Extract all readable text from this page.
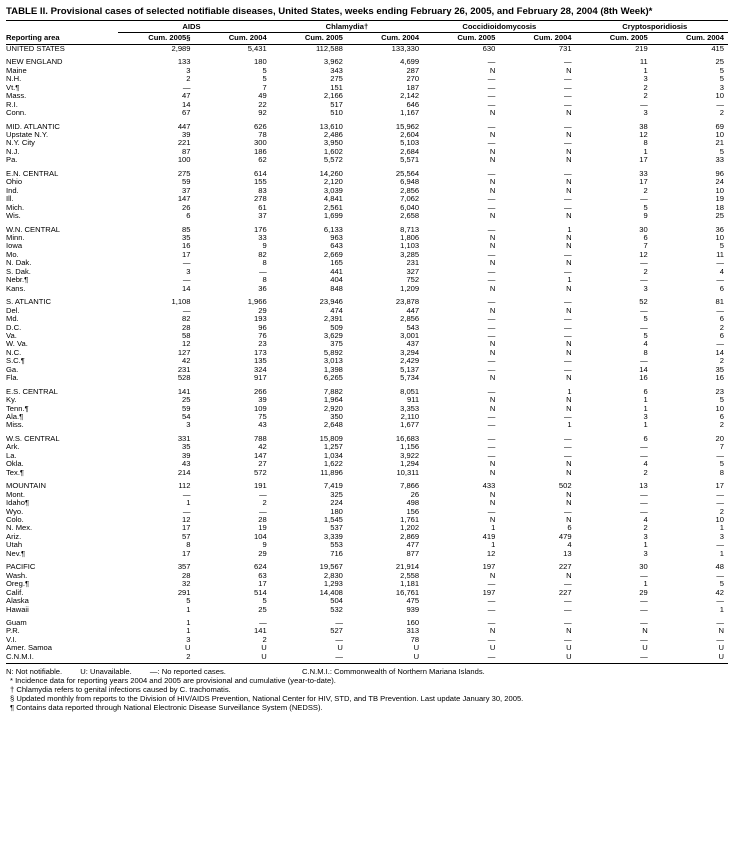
TABLE II. Provisional cases of selected notifiable diseases, United States, weeks ending February 26, 2005, and February 28, 2004 (8th Week)*
	AIDS		Chlamydia†		Coccidioidomycosis		Cryptosporidiosis	
Reporting area	Cum. 2005§	Cum. 2004	Cum. 2005	Cum. 2004	Cum. 2005	Cum. 2004	Cum. 2005	Cum. 2004
UNITED STATES	2,989	5,431	112,588	133,330	630	731	219	415
NEW ENGLAND	133	180	3,962	4,699	—	—	11	25
Maine	3	5	343	287	N	N	1	5
N.H.	2	5	275	270	—	—	3	5
Vt.¶	—	7	151	187	—	—	2	3
Mass.	47	49	2,166	2,142	—	—	2	10
R.I.	14	22	517	646	—	—	—	—
Conn.	67	92	510	1,167	N	N	3	2
MID. ATLANTIC	447	626	13,610	15,962	—	—	38	69
Upstate N.Y.	39	78	2,486	2,604	N	N	12	10
N.Y. City	221	300	3,950	5,103	—	—	8	21
N.J.	87	186	1,602	2,684	N	N	1	5
Pa.	100	62	5,572	5,571	N	N	17	33
E.N. CENTRAL	275	614	14,260	25,564	—	—	33	96
Ohio	59	155	2,120	6,948	N	N	17	24
Ind.	37	83	3,039	2,856	N	N	2	10
Ill.	147	278	4,841	7,062	—	—	—	19
Mich.	26	61	2,561	6,040	—	—	5	18
Wis.	6	37	1,699	2,658	N	N	9	25
W.N. CENTRAL	85	176	6,133	8,713	—	1	30	36
Minn.	35	33	963	1,806	N	N	6	10
Iowa	16	9	643	1,103	N	N	7	5
Mo.	17	82	2,669	3,285	—	—	12	11
N. Dak.	—	8	165	231	N	N	—	—
S. Dak.	3	—	441	327	—	—	2	4
Nebr.¶	—	8	404	752	—	1	—	—
Kans.	14	36	848	1,209	N	N	3	6
S. ATLANTIC	1,108	1,966	23,946	23,878	—	—	52	81
Del.	—	29	474	447	N	N	—	—
Md.	82	193	2,391	2,856	—	—	5	6
D.C.	28	96	509	543	—	—	—	2
Va.	58	76	3,629	3,001	—	—	5	6
W. Va.	12	23	375	437	N	N	4	—
N.C.	127	173	5,892	3,294	N	N	8	14
S.C.¶	42	135	3,013	2,429	—	—	—	2
Ga.	231	324	1,398	5,137	—	—	14	35
Fla.	528	917	6,265	5,734	N	N	16	16
E.S. CENTRAL	141	266	7,882	8,051	—	1	6	23
Ky.	25	39	1,964	911	N	N	1	5
Tenn.¶	59	109	2,920	3,353	N	N	1	10
Ala.¶	54	75	350	2,110	—	—	3	6
Miss.	3	43	2,648	1,677	—	1	1	2
W.S. CENTRAL	331	788	15,809	16,683	—	—	6	20
Ark.	35	42	1,257	1,156	—	—	—	7
La.	39	147	1,034	3,922	—	—	—	—
Okla.	43	27	1,622	1,294	N	N	4	5
Tex.¶	214	572	11,896	10,311	N	N	2	8
MOUNTAIN	112	191	7,419	7,866	433	502	13	17
Mont.	—	—	325	26	N	N	—	—
Idaho¶	1	2	224	498	N	N	—	—
Wyo.	—	—	180	156	—	—	—	2
Colo.	12	28	1,545	1,761	N	N	4	10
N. Mex.	17	19	537	1,202	1	6	2	1
Ariz.	57	104	3,339	2,869	419	479	3	3
Utah	8	9	553	477	1	4	1	—
Nev.¶	17	29	716	877	12	13	3	1
PACIFIC	357	624	19,567	21,914	197	227	30	48
Wash.	28	63	2,830	2,558	N	N	—	—
Oreg.¶	32	17	1,293	1,181	—	—	1	5
Calif.	291	514	14,408	16,761	197	227	29	42
Alaska	5	5	504	475	—	—	—	—
Hawaii	1	25	532	939	—	—	—	1
Guam	1	—	—	160	—	—	—	—
P.R.	1	141	527	313	N	N	N	N
V.I.	3	2	—	78	—	—	—	—
Amer. Samoa	U	U	U	U	U	U	U	U
C.N.M.I.	2	U	—	U	—	U	—	U
N: Not notifiable. U: Unavailable. —: No reported cases.	C.N.M.I.: Commonwealth of Northern Mariana Islands.
* Incidence data for reporting years 2004 and 2005 are provisional and cumulative (year-to-date).
† Chlamydia refers to genital infections caused by C. trachomatis.
§ Updated monthly from reports to the Division of HIV/AIDS Prevention, National Center for HIV, STD, and TB Prevention. Last update January 30, 2005.
¶ Contains data reported through National Electronic Disease Surveillance System (NEDSS).
